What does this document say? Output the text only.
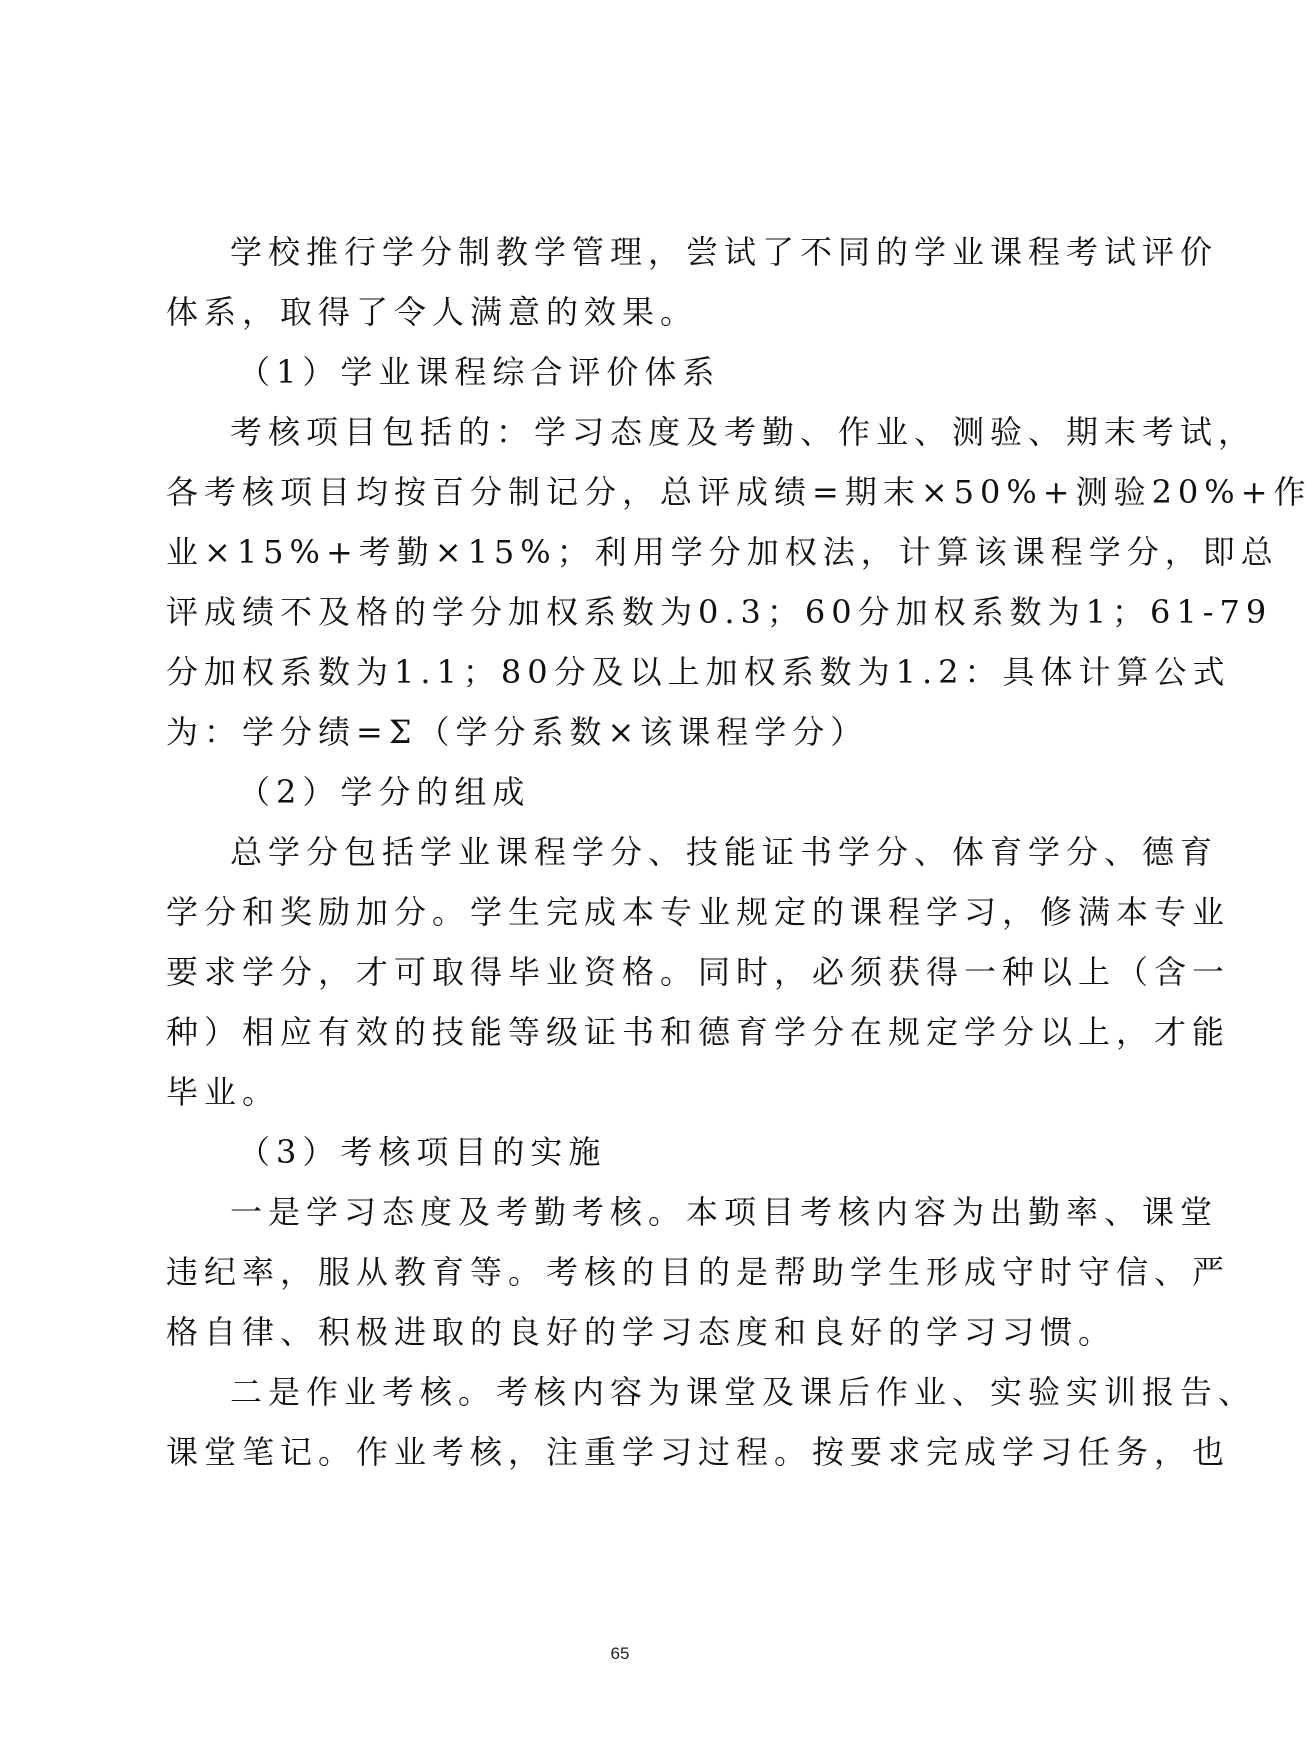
学校推行学分制教学管理，尝试了不同的学业课程考试评价
体系，取得了令人满意的效果。
（1）学业课程综合评价体系
考核项目包括的：学习态度及考勤、作业、测验、期末考试，
各考核项目均按百分制记分，总评成绩=期末×50%+测验20%+作
业×15%+考勤×15%；利用学分加权法，计算该课程学分，即总
评成绩不及格的学分加权系数为0.3；60分加权系数为1；61-79
分加权系数为1.1；80分及以上加权系数为1.2：具体计算公式
为：学分绩=Σ（学分系数×该课程学分）
（2）学分的组成
总学分包括学业课程学分、技能证书学分、体育学分、德育
学分和奖励加分。学生完成本专业规定的课程学习，修满本专业
要求学分，才可取得毕业资格。同时，必须获得一种以上（含一
种）相应有效的技能等级证书和德育学分在规定学分以上，才能
毕业。
（3）考核项目的实施
一是学习态度及考勤考核。本项目考核内容为出勤率、课堂
违纪率，服从教育等。考核的目的是帮助学生形成守时守信、严
格自律、积极进取的良好的学习态度和良好的学习习惯。
二是作业考核。考核内容为课堂及课后作业、实验实训报告、
课堂笔记。作业考核，注重学习过程。按要求完成学习任务，也
65
